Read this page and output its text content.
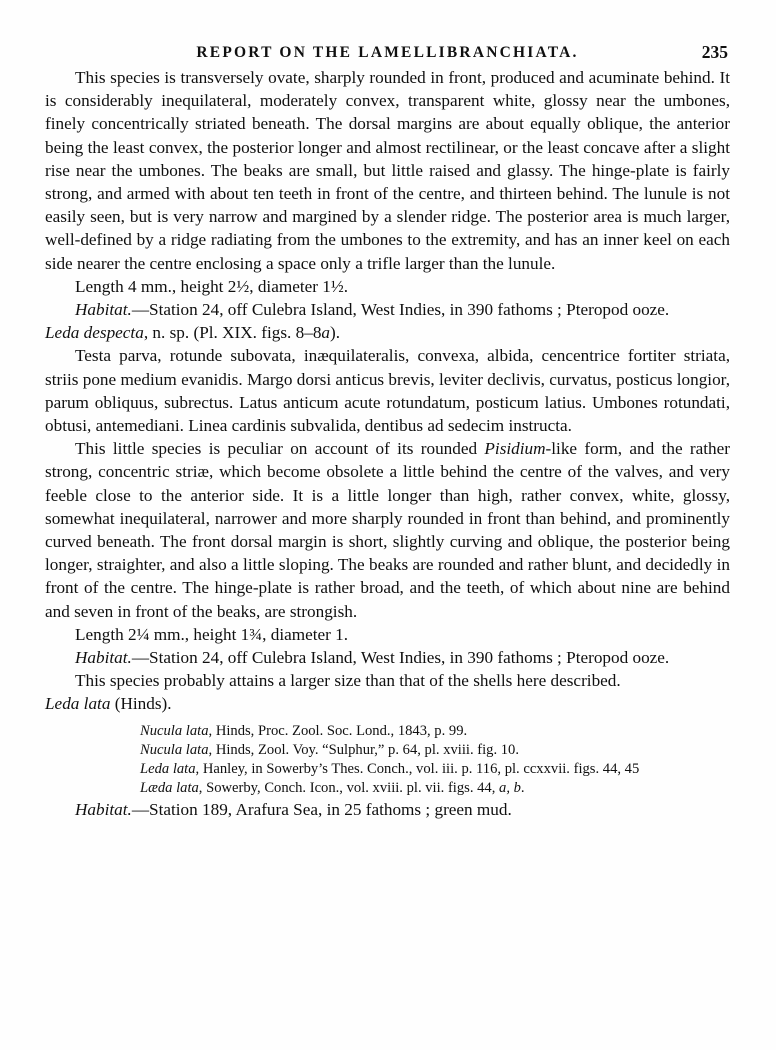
REPORT ON THE LAMELLIBRANCHIATA.	235

This species is transversely ovate, sharply rounded in front, produced and acuminate behind. It is considerably inequilateral, moderately convex, transparent white, glossy near the umbones, finely concentrically striated beneath. The dorsal margins are about equally oblique, the anterior being the least convex, the posterior longer and almost rectilinear, or the least concave after a slight rise near the umbones. The beaks are small, but little raised and glassy. The hinge-plate is fairly strong, and armed with about ten teeth in front of the centre, and thirteen behind. The lunule is not easily seen, but is very narrow and margined by a slender ridge. The posterior area is much larger, well-defined by a ridge radiating from the umbones to the extremity, and has an inner keel on each side nearer the centre enclosing a space only a trifle larger than the lunule.

Length 4 mm., height 2½, diameter 1½.

Habitat.—Station 24, off Culebra Island, West Indies, in 390 fathoms ; Pteropod ooze.

Leda despecta, n. sp. (Pl. XIX. figs. 8–8a).

Testa parva, rotunde subovata, inæquilateralis, convexa, albida, cencentrice fortiter striata, striis pone medium evanidis. Margo dorsi anticus brevis, leviter declivis, curvatus, posticus longior, parum obliquus, subrectus. Latus anticum acute rotundatum, posticum latius. Umbones rotundati, obtusi, antemediani. Linea cardinis subvalida, dentibus ad sedecim instructa.

This little species is peculiar on account of its rounded Pisidium-like form, and the rather strong, concentric striæ, which become obsolete a little behind the centre of the valves, and very feeble close to the anterior side. It is a little longer than high, rather convex, white, glossy, somewhat inequilateral, narrower and more sharply rounded in front than behind, and prominently curved beneath. The front dorsal margin is short, slightly curving and oblique, the posterior being longer, straighter, and also a little sloping. The beaks are rounded and rather blunt, and decidedly in front of the centre. The hinge-plate is rather broad, and the teeth, of which about nine are behind and seven in front of the beaks, are strongish.

Length 2¼ mm., height 1¾, diameter 1.

Habitat.—Station 24, off Culebra Island, West Indies, in 390 fathoms ; Pteropod ooze.

This species probably attains a larger size than that of the shells here described.

Leda lata (Hinds).

Nucula lata, Hinds, Proc. Zool. Soc. Lond., 1843, p. 99.

Nucula lata, Hinds, Zool. Voy. “Sulphur,” p. 64, pl. xviii. fig. 10.

Leda lata, Hanley, in Sowerby’s Thes. Conch., vol. iii. p. 116, pl. ccxxvii. figs. 44, 45

Læda lata, Sowerby, Conch. Icon., vol. xviii. pl. vii. figs. 44, a, b.

Habitat.—Station 189, Arafura Sea, in 25 fathoms ; green mud.
